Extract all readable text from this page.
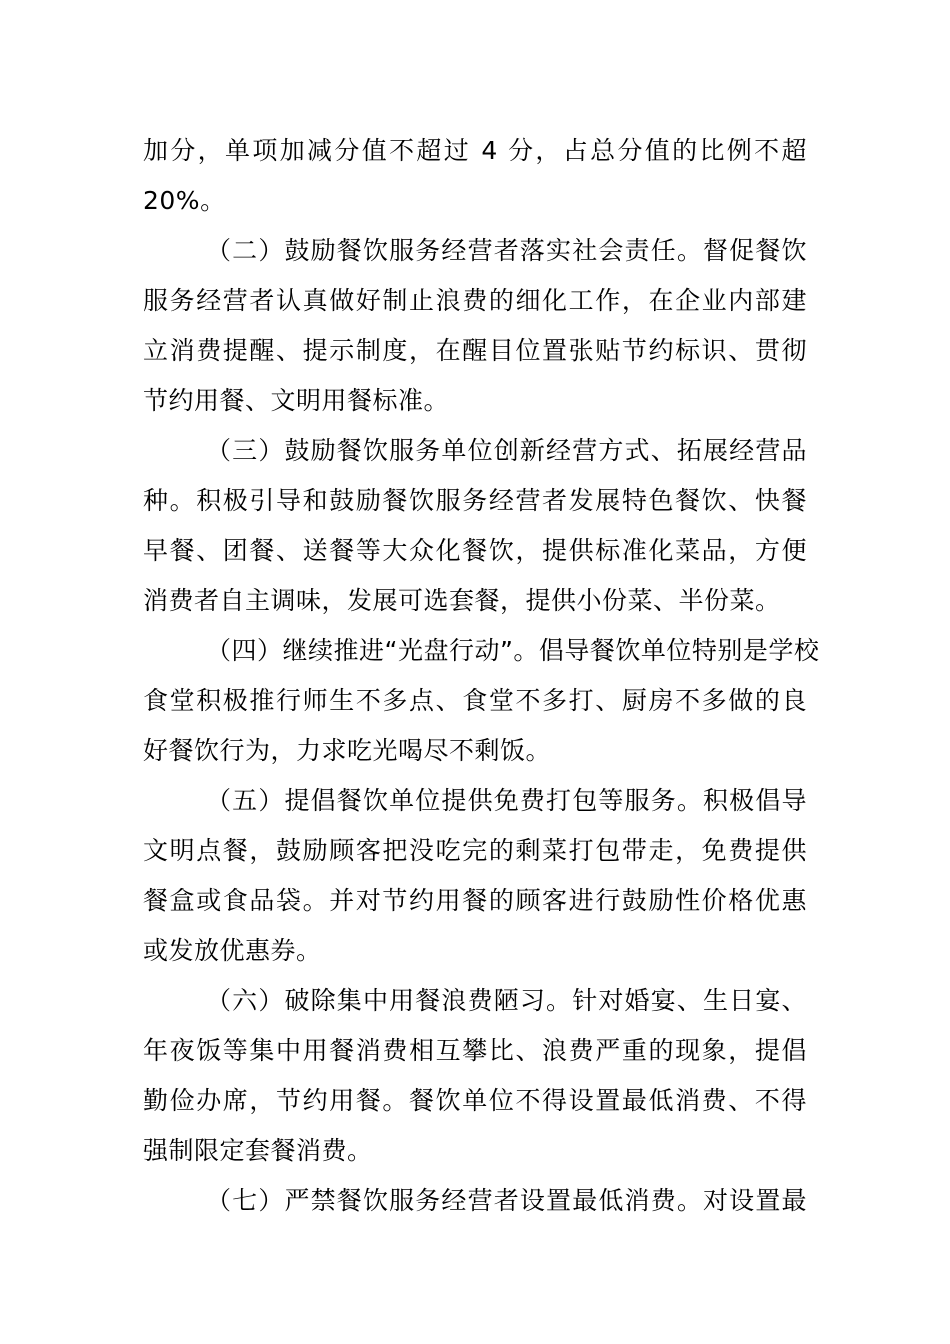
加分，单项加减分值不超过 4 分，占总分值的比例不超
20%。
（二）鼓励餐饮服务经营者落实社会责任。督促餐饮
服务经营者认真做好制止浪费的细化工作，在企业内部建
立消费提醒、提示制度，在醒目位置张贴节约标识、贯彻
节约用餐、文明用餐标准。
（三）鼓励餐饮服务单位创新经营方式、拓展经营品
种。积极引导和鼓励餐饮服务经营者发展特色餐饮、快餐
早餐、团餐、送餐等大众化餐饮，提供标准化菜品，方便
消费者自主调味，发展可选套餐，提供小份菜、半份菜。
（四）继续推进“光盘行动”。倡导餐饮单位特别是学校
食堂积极推行师生不多点、食堂不多打、厨房不多做的良
好餐饮行为，力求吃光喝尽不剩饭。
（五）提倡餐饮单位提供免费打包等服务。积极倡导
文明点餐，鼓励顾客把没吃完的剩菜打包带走，免费提供
餐盒或食品袋。并对节约用餐的顾客进行鼓励性价格优惠
或发放优惠券。
（六）破除集中用餐浪费陋习。针对婚宴、生日宴、
年夜饭等集中用餐消费相互攀比、浪费严重的现象，提倡
勤俭办席，节约用餐。餐饮单位不得设置最低消费、不得
强制限定套餐消费。
（七）严禁餐饮服务经营者设置最低消费。对设置最
